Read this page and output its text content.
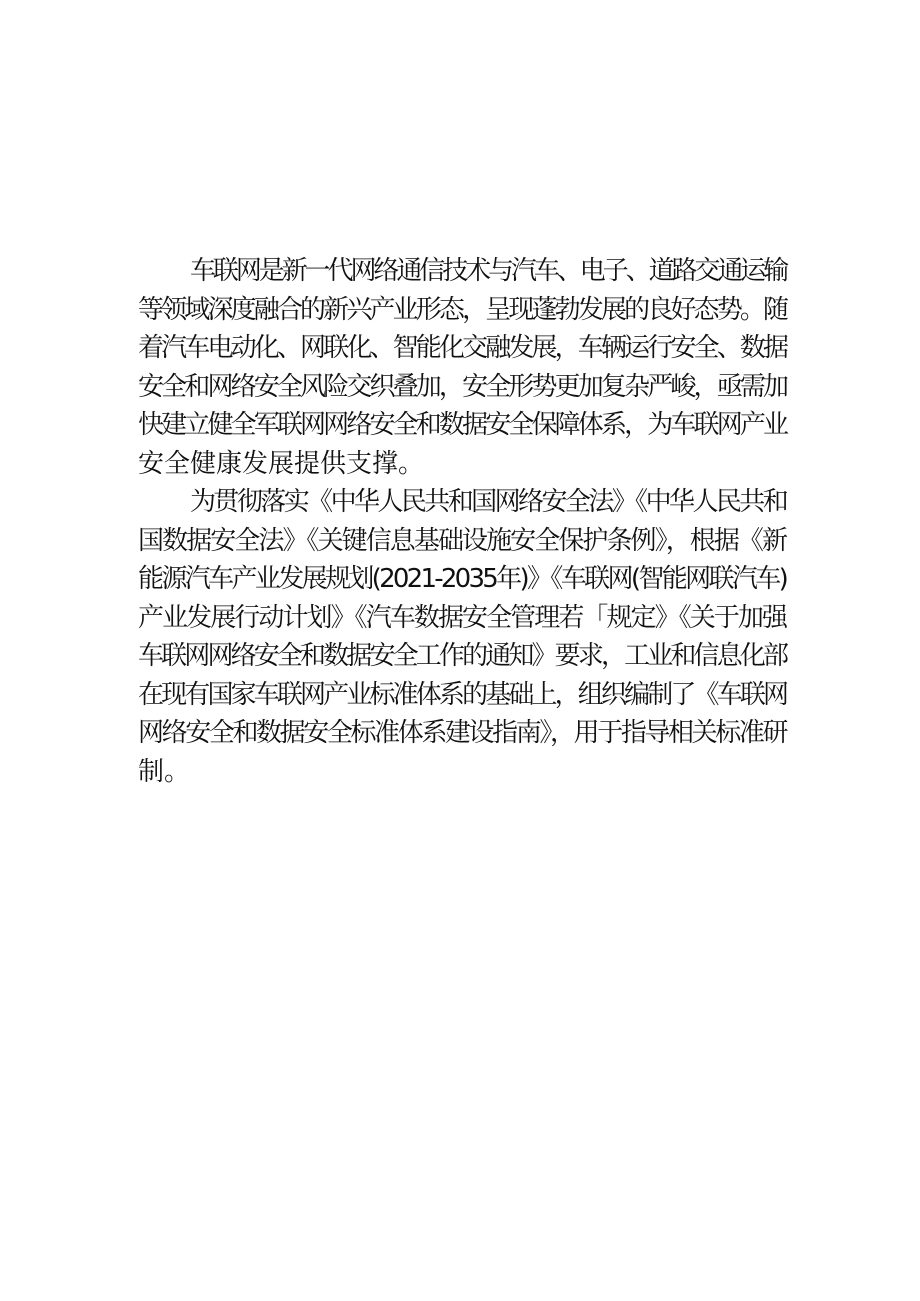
车联网是新一代网络通信技术与汽车、电子、道路交通运输
等领域深度融合的新兴产业形态，呈现蓬勃发展的良好态势。随
着汽车电动化、网联化、智能化交融发展，车辆运行安全、数据
安全和网络安全风险交织叠加，安全形势更加复杂严峻，亟需加
快建立健全军联网网络安全和数据安全保障体系，为车联网产业
安全健康发展提供支撑。
为贯彻落实《中华人民共和国网络安全法》《中华人民共和
国数据安全法》《关键信息基础设施安全保护条例》，根据《新
能源汽车产业发展规划(2021-2035年)》《车联网(智能网联汽车)
产业发展行动计划》《汽车数据安全管理若「规定》《关于加强
车联网网络安全和数据安全工作的通知》要求，工业和信息化部
在现有国家车联网产业标准体系的基础上，组织编制了《车联网
网络安全和数据安全标准体系建设指南》，用于指导相关标准研
制。
